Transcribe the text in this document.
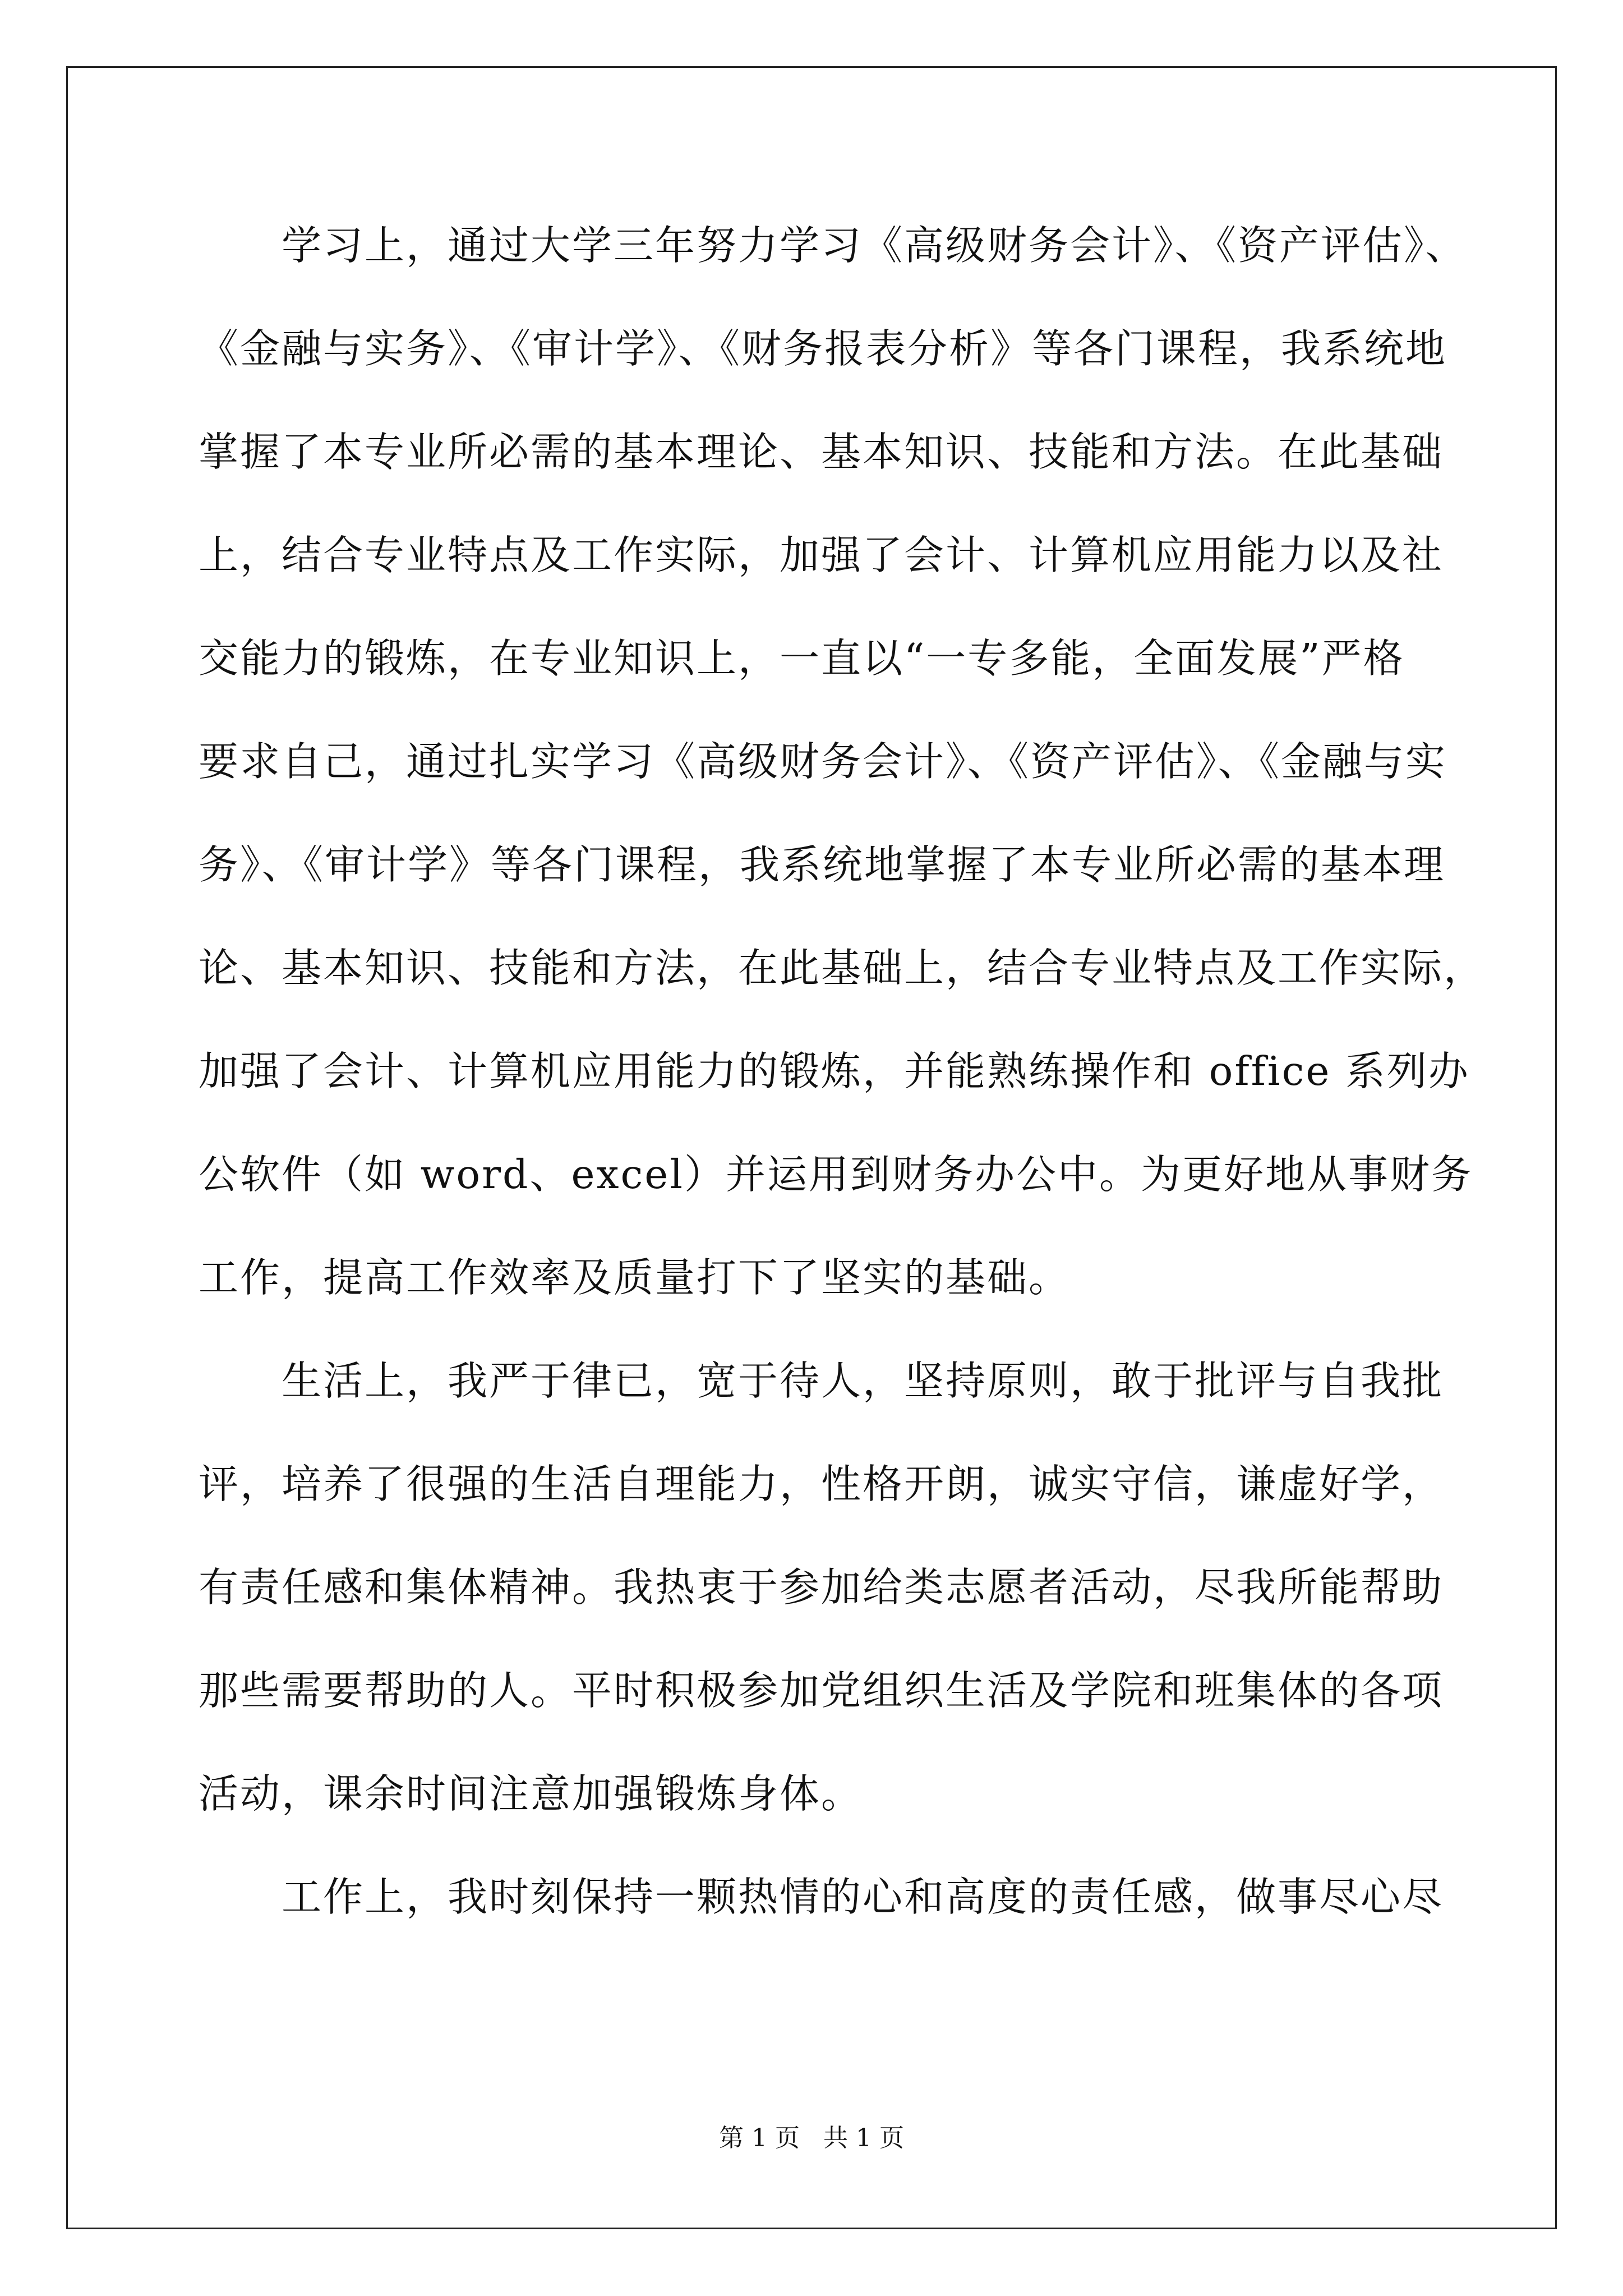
　　学习上，通过大学三年努力学习《高级财务会计》、《资产评估》、
《金融与实务》、《审计学》、《财务报表分析》等各门课程，我系统地
掌握了本专业所必需的基本理论、基本知识、技能和方法。在此基础
上，结合专业特点及工作实际，加强了会计、计算机应用能力以及社
交能力的锻炼，在专业知识上，一直以“一专多能，全面发展”严格
要求自己，通过扎实学习《高级财务会计》、《资产评估》、《金融与实
务》、《审计学》等各门课程，我系统地掌握了本专业所必需的基本理
论、基本知识、技能和方法，在此基础上，结合专业特点及工作实际，
加强了会计、计算机应用能力的锻炼，并能熟练操作和 office 系列办
公软件（如 word、excel）并运用到财务办公中。为更好地从事财务
工作，提高工作效率及质量打下了坚实的基础。
　　生活上，我严于律已，宽于待人，坚持原则，敢于批评与自我批
评，培养了很强的生活自理能力，性格开朗，诚实守信，谦虚好学，
有责任感和集体精神。我热衷于参加给类志愿者活动，尽我所能帮助
那些需要帮助的人。平时积极参加党组织生活及学院和班集体的各项
活动，课余时间注意加强锻炼身体。
　　工作上，我时刻保持一颗热情的心和高度的责任感，做事尽心尽
第 1 页   共 1 页
